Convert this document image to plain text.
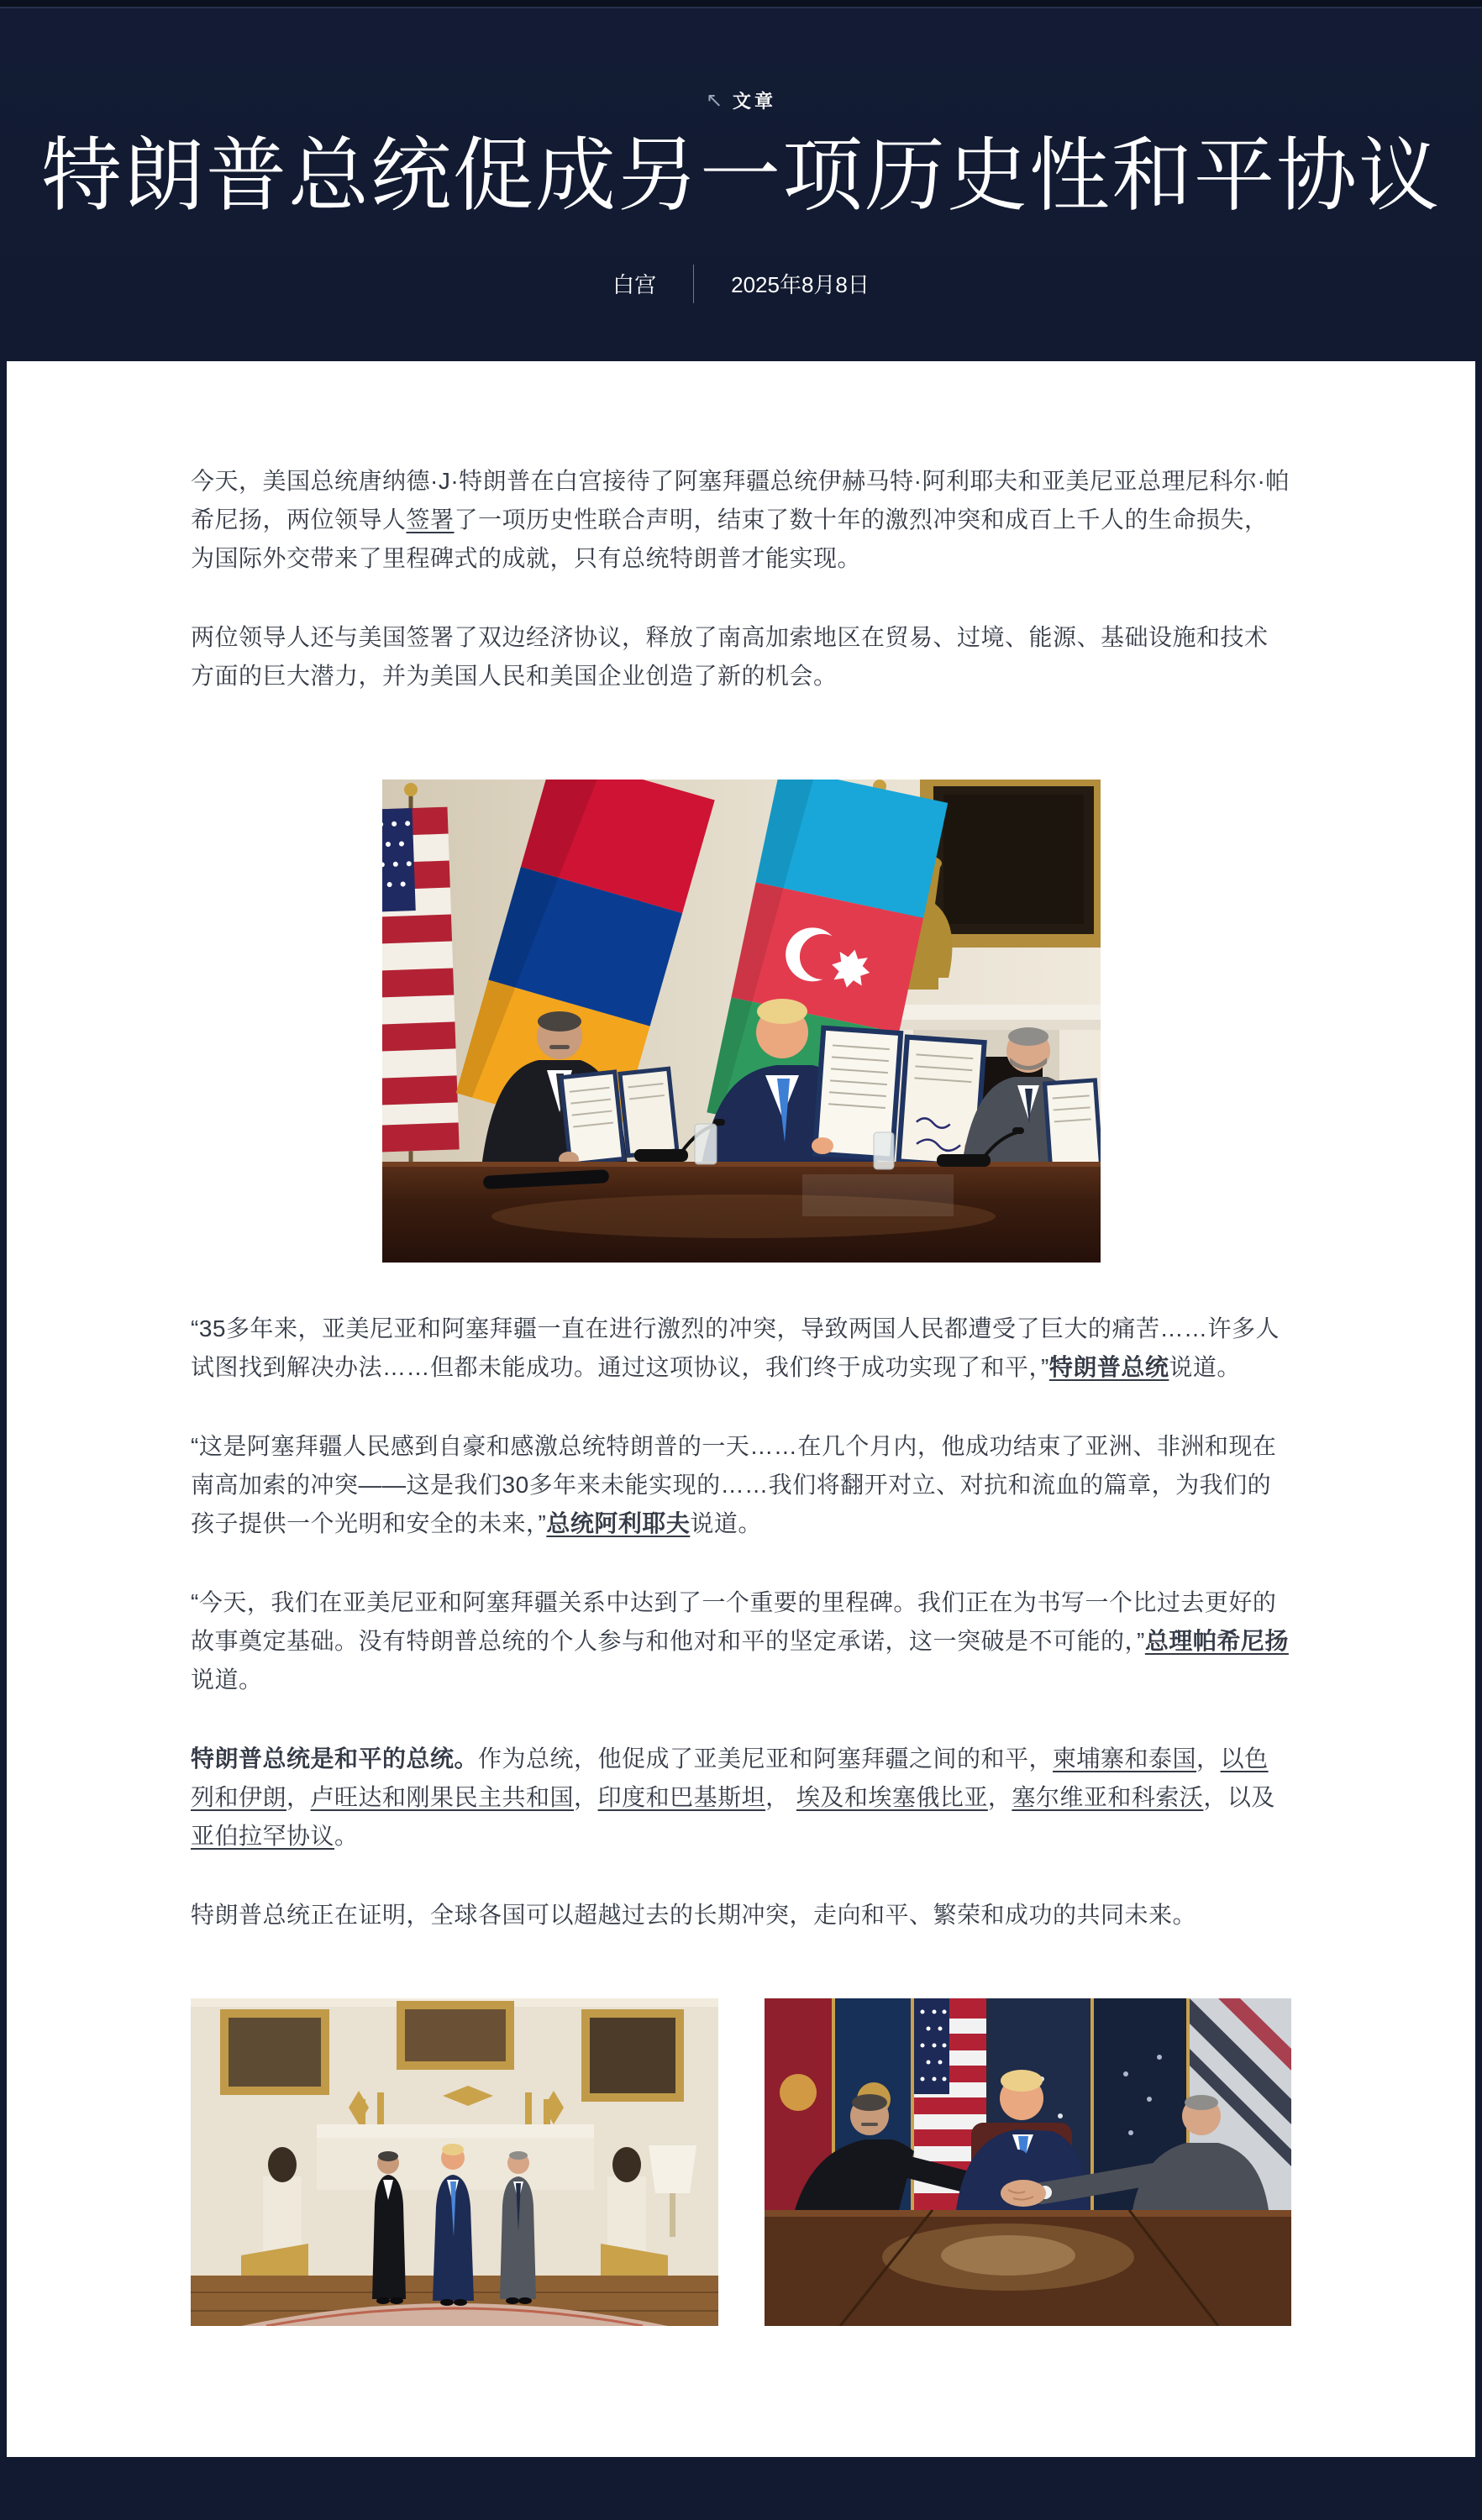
↖ 文章
特朗普总统促成另一项历史性和平协议
白宫	2025年8月8日

今天，美国总统唐纳德·J·特朗普在白宫接待了阿塞拜疆总统伊赫马特·阿利耶夫和亚美尼亚总理尼科尔·帕希尼扬，两位领导人签署了一项历史性联合声明，结束了数十年的激烈冲突和成百上千人的生命损失，为国际外交带来了里程碑式的成就，只有总统特朗普才能实现。

两位领导人还与美国签署了双边经济协议，释放了南高加索地区在贸易、过境、能源、基础设施和技术方面的巨大潜力，并为美国人民和美国企业创造了新的机会。

“35多年来，亚美尼亚和阿塞拜疆一直在进行激烈的冲突，导致两国人民都遭受了巨大的痛苦……许多人试图找到解决办法……但都未能成功。通过这项协议，我们终于成功实现了和平，”特朗普总统说道。

“这是阿塞拜疆人民感到自豪和感激总统特朗普的一天……在几个月内，他成功结束了亚洲、非洲和现在南高加索的冲突——这是我们30多年来未能实现的……我们将翻开对立、对抗和流血的篇章，为我们的孩子提供一个光明和安全的未来，”总统阿利耶夫说道。

“今天，我们在亚美尼亚和阿塞拜疆关系中达到了一个重要的里程碑。我们正在为书写一个比过去更好的故事奠定基础。没有特朗普总统的个人参与和他对和平的坚定承诺，这一突破是不可能的，”总理帕希尼扬说道。

特朗普总统是和平的总统。作为总统，他促成了亚美尼亚和阿塞拜疆之间的和平，柬埔寨和泰国，以色列和伊朗，卢旺达和刚果民主共和国，印度和巴基斯坦， 埃及和埃塞俄比亚，塞尔维亚和科索沃，以及亚伯拉罕协议。

特朗普总统正在证明，全球各国可以超越过去的长期冲突，走向和平、繁荣和成功的共同未来。
